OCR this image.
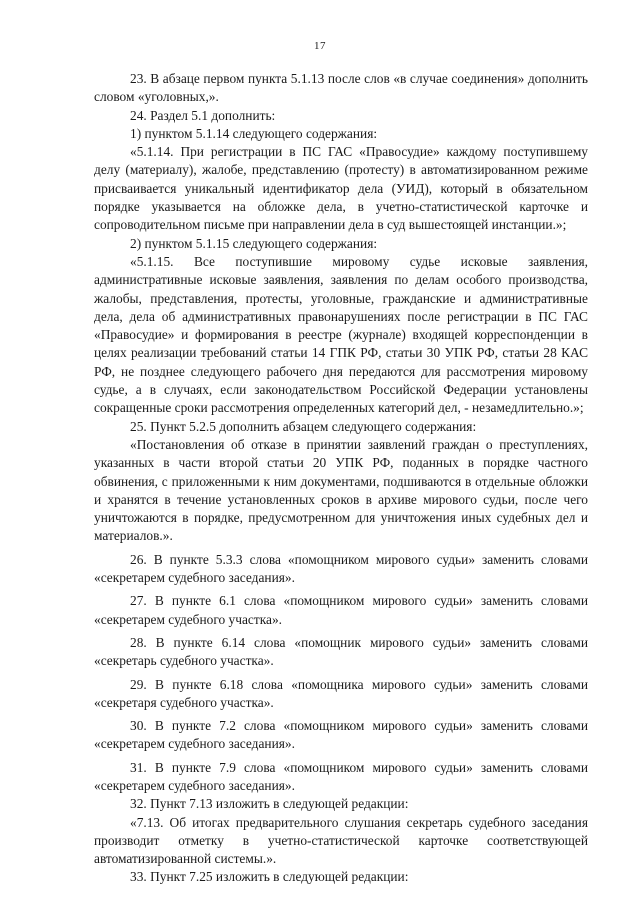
17

23. В абзаце первом пункта 5.1.13 после слов «в случае соединения» дополнить словом «уголовных,».

24. Раздел 5.1 дополнить:

1) пунктом 5.1.14 следующего содержания:

«5.1.14. При регистрации в ПС ГАС «Правосудие» каждому поступившему делу (материалу), жалобе, представлению (протесту) в автоматизированном режиме присваивается уникальный идентификатор дела (УИД), который в обязательном порядке указывается на обложке дела, в учетно-статистической карточке и сопроводительном письме при направлении дела в суд вышестоящей инстанции.»;

2) пунктом 5.1.15 следующего содержания:

«5.1.15. Все поступившие мировому судье исковые заявления, административные исковые заявления, заявления по делам особого производства, жалобы, представления, протесты, уголовные, гражданские и административные дела, дела об административных правонарушениях после регистрации в ПС ГАС «Правосудие» и формирования в реестре (журнале) входящей корреспонденции в целях реализации требований статьи 14 ГПК РФ, статьи 30 УПК РФ, статьи 28 КАС РФ, не позднее следующего рабочего дня передаются для рассмотрения мировому судье, а в случаях, если законодательством Российской Федерации установлены сокращенные сроки рассмотрения определенных категорий дел, - незамедлительно.»;

25. Пункт 5.2.5 дополнить абзацем следующего содержания:

«Постановления об отказе в принятии заявлений граждан о преступлениях, указанных в части второй статьи 20 УПК РФ, поданных в порядке частного обвинения, с приложенными к ним документами, подшиваются в отдельные обложки и хранятся в течение установленных сроков в архиве мирового судьи, после чего уничтожаются в порядке, предусмотренном для уничтожения иных судебных дел и материалов.».

26. В пункте 5.3.3 слова «помощником мирового судьи» заменить словами «секретарем судебного заседания».

27. В пункте 6.1 слова «помощником мирового судьи» заменить словами «секретарем судебного участка».

28. В пункте 6.14 слова «помощник мирового судьи» заменить словами «секретарь судебного участка».

29. В пункте 6.18 слова «помощника мирового судьи» заменить словами «секретаря судебного участка».

30. В пункте 7.2 слова «помощником мирового судьи» заменить словами «секретарем судебного заседания».

31. В пункте 7.9 слова «помощником мирового судьи» заменить словами «секретарем судебного заседания».

32. Пункт 7.13 изложить в следующей редакции:

«7.13. Об итогах предварительного слушания секретарь судебного заседания производит отметку в учетно-статистической карточке соответствующей автоматизированной системы.».

33. Пункт 7.25 изложить в следующей редакции:
